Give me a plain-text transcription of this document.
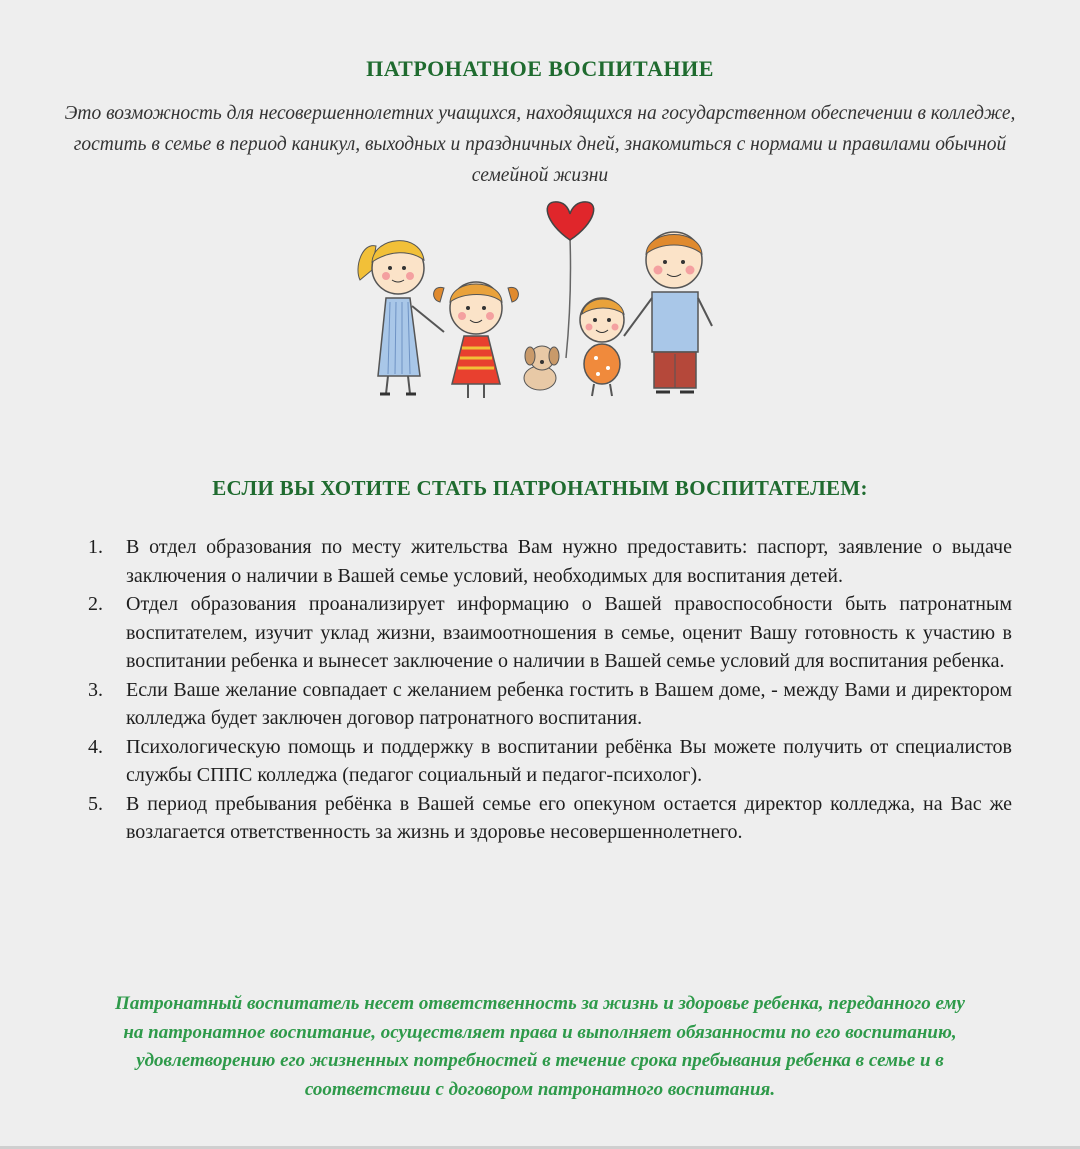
ПАТРОНАТНОЕ ВОСПИТАНИЕ
Это возможность для несовершеннолетних учащихся, находящихся на государственном обеспечении в колледже, гостить в семье в период каникул, выходных и праздничных дней, знакомиться с нормами и правилами обычной семейной жизни
ЕСЛИ ВЫ ХОТИТЕ СТАТЬ ПАТРОНАТНЫМ ВОСПИТАТЕЛЕМ:
1. В отдел образования по месту жительства Вам нужно предоставить: паспорт, заявление о выдаче заключения о наличии в Вашей семье условий, необходимых для воспитания детей.
2. Отдел образования проанализирует информацию о Вашей правоспособности быть патронатным воспитателем, изучит уклад жизни, взаимоотношения в семье, оценит Вашу готовность к участию в воспитании ребенка и вынесет заключение о наличии в Вашей семье условий для воспитания ребенка.
3. Если Ваше желание совпадает с желанием ребенка гостить в Вашем доме, - между Вами и директором колледжа будет заключен договор патронатного воспитания.
4. Психологическую помощь и поддержку в воспитании ребёнка Вы можете получить от специалистов службы СППС колледжа (педагог социальный и педагог-психолог).
5. В период пребывания ребёнка в Вашей семье его опекуном остается директор колледжа, на Вас же возлагается ответственность за жизнь и здоровье несовершеннолетнего.
Патронатный воспитатель несет ответственность за жизнь и здоровье ребенка, переданного ему на патронатное воспитание, осуществляет права и выполняет обязанности по его воспитанию, удовлетворению его жизненных потребностей в течение срока пребывания ребенка в семье и в соответствии с договором патронатного воспитания.
